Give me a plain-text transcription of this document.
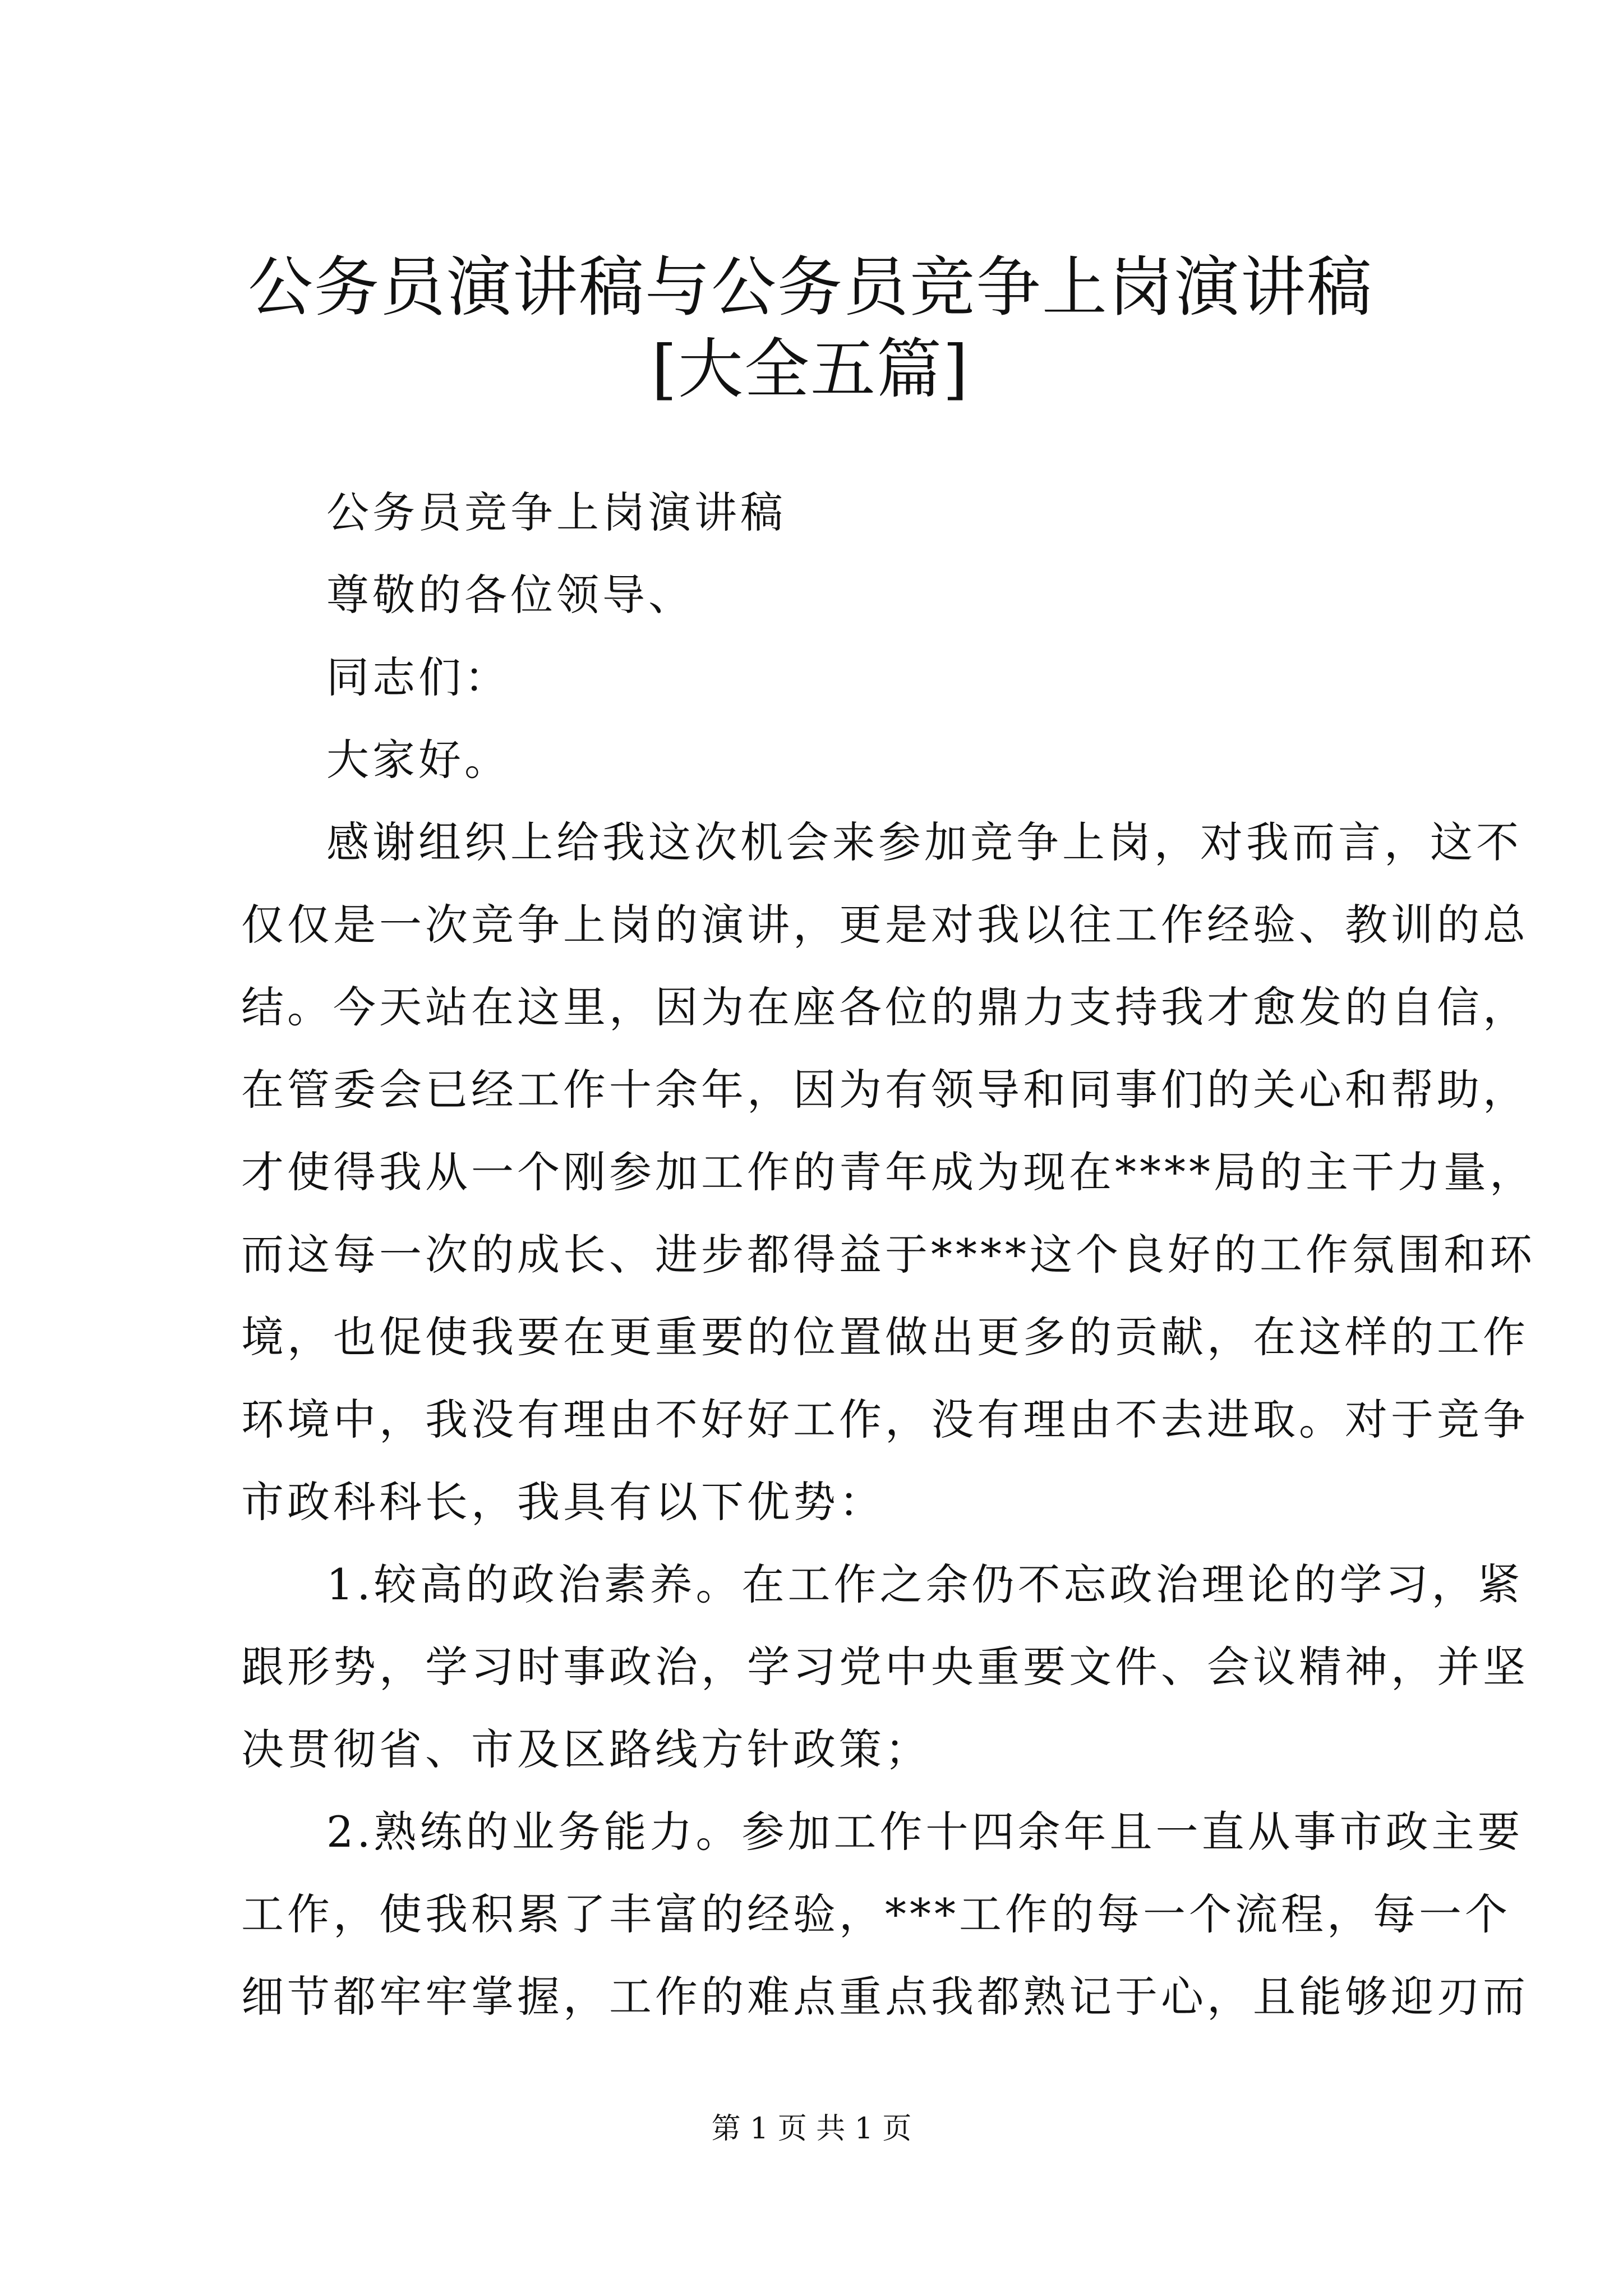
公务员演讲稿与公务员竞争上岗演讲稿[大全五篇]

公务员竞争上岗演讲稿

尊敬的各位领导、

同志们：

大家好。

感谢组织上给我这次机会来参加竞争上岗，对我而言，这不

仅仅是一次竞争上岗的演讲，更是对我以往工作经验、教训的总

结。今天站在这里，因为在座各位的鼎力支持我才愈发的自信，

在管委会已经工作十余年，因为有领导和同事们的关心和帮助，

才使得我从一个刚参加工作的青年成为现在****局的主干力量，

而这每一次的成长、进步都得益于****这个良好的工作氛围和环

境，也促使我要在更重要的位置做出更多的贡献，在这样的工作

环境中，我没有理由不好好工作，没有理由不去进取。对于竞争

市政科科长，我具有以下优势：

1.较高的政治素养。在工作之余仍不忘政治理论的学习，紧

跟形势，学习时事政治，学习党中央重要文件、会议精神，并坚

决贯彻省、市及区路线方针政策；

2.熟练的业务能力。参加工作十四余年且一直从事市政主要

工作，使我积累了丰富的经验，***工作的每一个流程，每一个

细节都牢牢掌握，工作的难点重点我都熟记于心，且能够迎刃而

第 1 页 共 1 页
